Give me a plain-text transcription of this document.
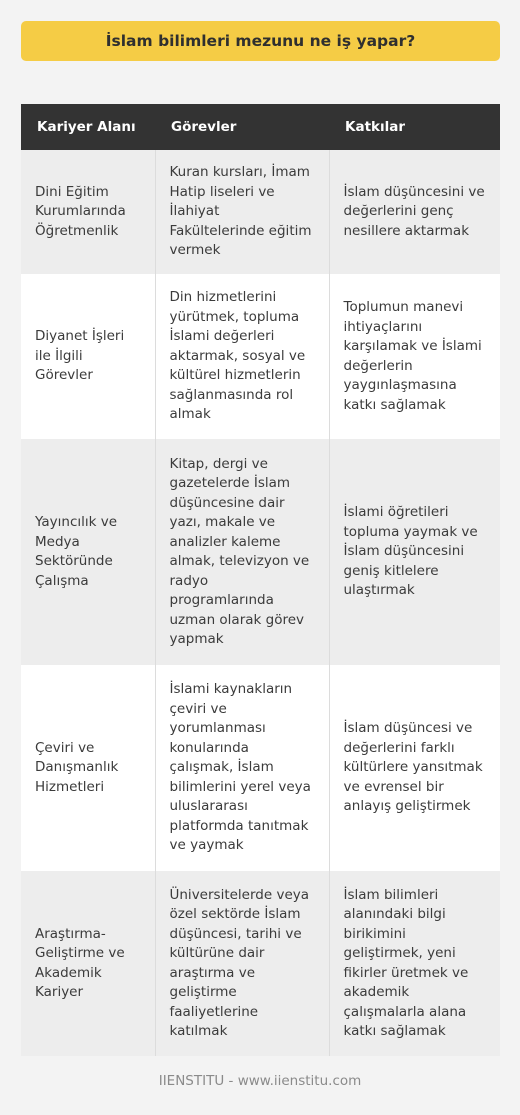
İslam bilimleri mezunu ne iş yapar?
Kariyer Alanı	Görevler	Katkılar
Dini Eğitim Kurumlarında Öğretmenlik	Kuran kursları, İmam Hatip liseleri ve İlahiyat Fakültelerinde eğitim vermek	İslam düşüncesini ve değerlerini genç nesillere aktarmak
Diyanet İşleri ile İlgili Görevler	Din hizmetlerini yürütmek, topluma İslami değerleri aktarmak, sosyal ve kültürel hizmetlerin sağlanmasında rol almak	Toplumun manevi ihtiyaçlarını karşılamak ve İslami değerlerin yaygınlaşmasına katkı sağlamak
Yayıncılık ve Medya Sektöründe Çalışma	Kitap, dergi ve gazetelerde İslam düşüncesine dair yazı, makale ve analizler kaleme almak, televizyon ve radyo programlarında uzman olarak görev yapmak	İslami öğretileri topluma yaymak ve İslam düşüncesini geniş kitlelere ulaştırmak
Çeviri ve Danışmanlık Hizmetleri	İslami kaynakların çeviri ve yorumlanması konularında çalışmak, İslam bilimlerini yerel veya uluslararası platformda tanıtmak ve yaymak	İslam düşüncesi ve değerlerini farklı kültürlere yansıtmak ve evrensel bir anlayış geliştirmek
Araştırma-Geliştirme ve Akademik Kariyer	Üniversitelerde veya özel sektörde İslam düşüncesi, tarihi ve kültürüne dair araştırma ve geliştirme faaliyetlerine katılmak	İslam bilimleri alanındaki bilgi birikimini geliştirmek, yeni fikirler üretmek ve akademik çalışmalarla alana katkı sağlamak
IIENSTITU - www.iienstitu.com
